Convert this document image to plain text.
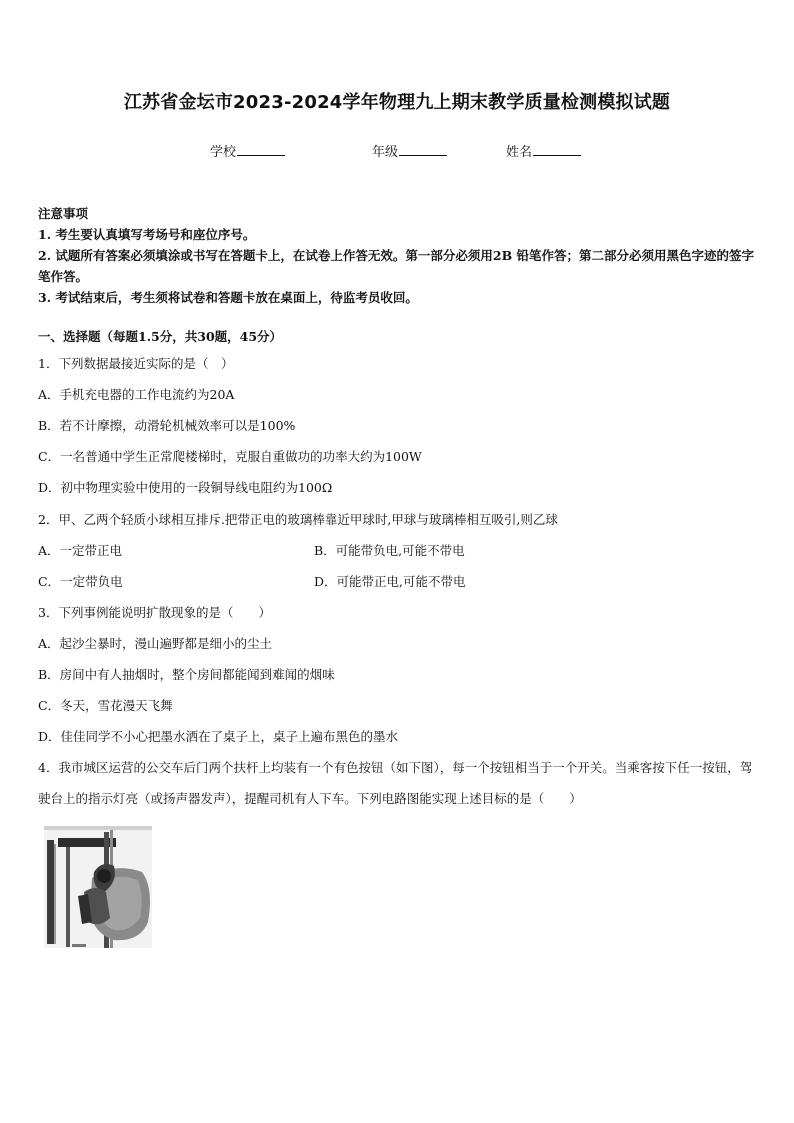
江苏省金坛市2023-2024学年物理九上期末教学质量检测模拟试题
学校	年级	姓名
注意事项
1. 考生要认真填写考场号和座位序号。
2. 试题所有答案必须填涂或书写在答题卡上，在试卷上作答无效。第一部分必须用2B 铅笔作答；第二部分必须用黑色字迹的签字笔作答。
3. 考试结束后，考生须将试卷和答题卡放在桌面上，待监考员收回。
一、选择题（每题1.5分，共30题，45分）
1．下列数据最接近实际的是（　）
A．手机充电器的工作电流约为20A
B．若不计摩擦，动滑轮机械效率可以是100%
C．一名普通中学生正常爬楼梯时，克服自重做功的功率大约为100W
D．初中物理实验中使用的一段铜导线电阻约为100Ω
2．甲、乙两个轻质小球相互排斥.把带正电的玻璃棒靠近甲球时,甲球与玻璃棒相互吸引,则乙球
A．一定带正电	B．可能带负电,可能不带电
C．一定带负电	D．可能带正电,可能不带电
3．下列事例能说明扩散现象的是（　　）
A．起沙尘暴时，漫山遍野都是细小的尘土
B．房间中有人抽烟时，整个房间都能闻到难闻的烟味
C．冬天，雪花漫天飞舞
D．佳佳同学不小心把墨水洒在了桌子上，桌子上遍布黑色的墨水
4．我市城区运营的公交车后门两个扶杆上均装有一个有色按钮（如下图），每一个按钮相当于一个开关。当乘客按下任一按钮，驾驶台上的指示灯亮（或扬声器发声），提醒司机有人下车。下列电路图能实现上述目标的是（　　）
